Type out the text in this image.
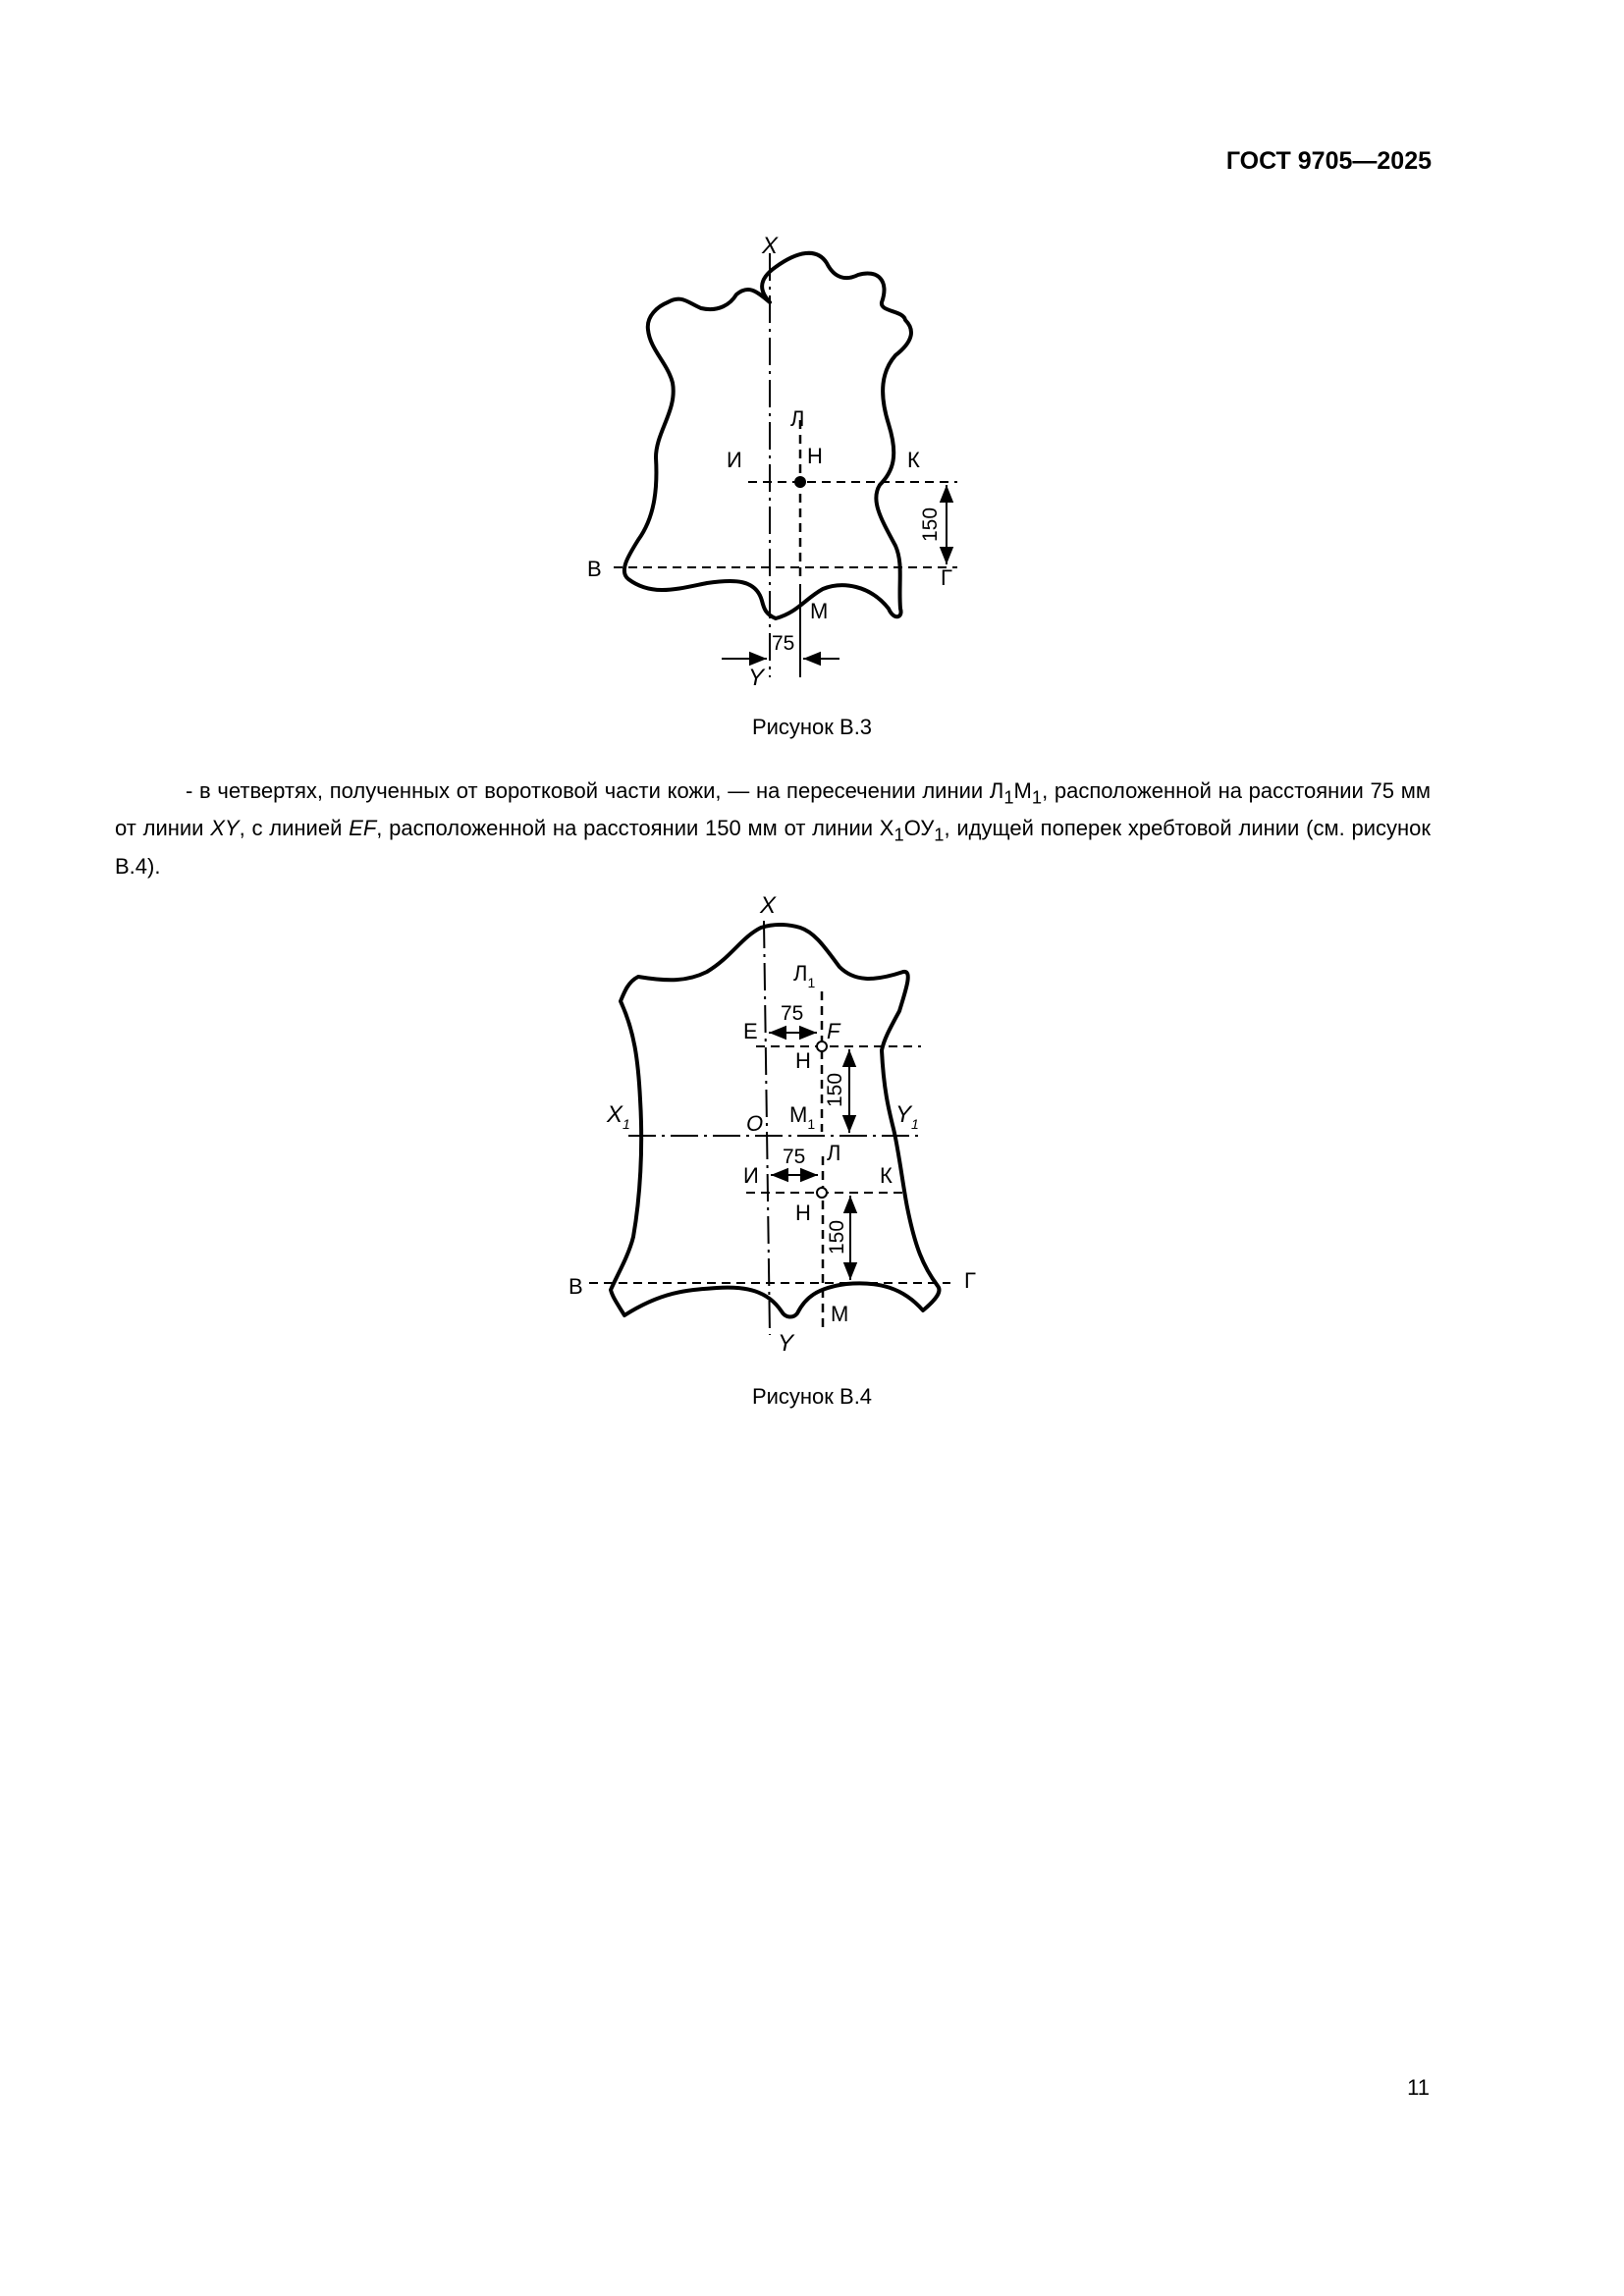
ГОСТ 9705—2025
X
Y
Л
Н
И	К
В	Г
М
150
75
Рисунок В.3
- в четвертях, полученных от воротковой части кожи, — на пересечении линии $Л_1М_1$, расположенной на расстоянии 75 мм от линии XY, с линией EF, расположенной на расстоянии 150 мм от линии $Х_1ОУ_1$, идущей поперек хребтовой линии (см. рисунок В.4).
X
Y
$Л_1$
E	F
75
Н
150
$X_1$	O $М_1$	$Y_1$
Л
75
И	К
Н
150
В	Г
М
Рисунок В.4
11
